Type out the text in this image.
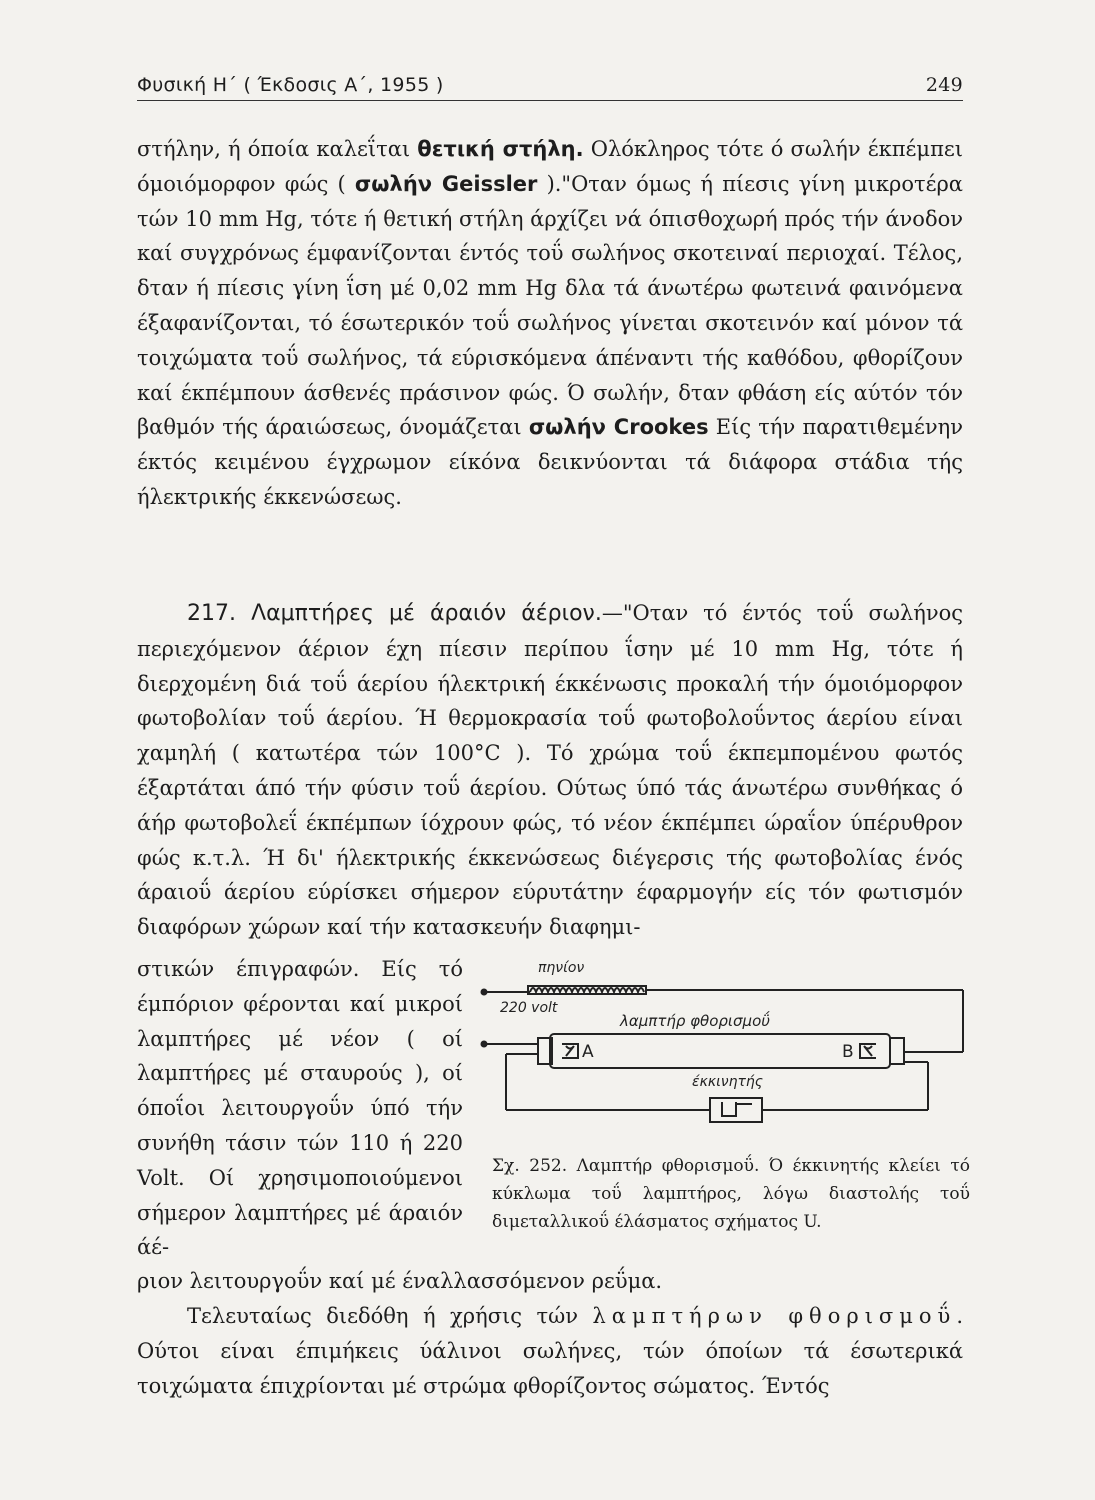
Φυσική Η΄ ( Έκδοσις Α΄, 1955 )	249

στήλην, ή όποία καλεΐται θετική στήλη. Ολόκληρος τότε ό σωλήν έκπέμπει όμοιόμορφον φώς ( σωλήν Geissler )."Οταν όμως ή πίεσις γίνη μικροτέρα τών 10 mm Hg, τότε ή θετική στήλη άρχίζει νά όπισθοχωρή πρός τήν άνοδον καί συγχρόνως έμφανίζονται έντός τοΰ σωλήνος σκοτειναί περιοχαί. Τέλος, δταν ή πίεσις γίνη ΐση μέ 0,02 mm Hg δλα τά άνωτέρω φωτεινά φαινόμενα έξαφανίζονται, τό έσωτερικόν τοΰ σωλήνος γίνεται σκοτεινόν καί μόνον τά τοιχώματα τοΰ σωλήνος, τά εύρισκόμενα άπέναντι τής καθόδου, φθορίζουν καί έκπέμπουν άσθενές πράσινον φώς. Ό σωλήν, δταν φθάση είς αύτόν τόν βαθμόν τής άραιώσεως, όνομάζεται σωλήν Crookes Είς τήν παρατιθεμένην έκτός κειμένου έγχρωμον είκόνα δεικνύονται τά διάφορα στάδια τής ήλεκτρικής έκκενώσεως.

217. Λαμπτήρες μέ άραιόν άέριον.—"Οταν τό έντός τοΰ σωλήνος περιεχόμενον άέριον έχη πίεσιν περίπου ΐσην μέ 10 mm Hg, τότε ή διερχομένη διά τοΰ άερίου ήλεκτρική έκκένωσις προκαλή τήν όμοιόμορφον φωτοβολίαν τοΰ άερίου. Ή θερμοκρασία τοΰ φωτοβολοΰντος άερίου είναι χαμηλή ( κατωτέρα τών 100°C ). Τό χρώμα τοΰ έκπεμπομένου φωτός έξαρτάται άπό τήν φύσιν τοΰ άερίου. Ούτως ύπό τάς άνωτέρω συνθήκας ό άήρ φωτοβολεΐ έκπέμπων ίόχρουν φώς, τό νέον έκπέμπει ώραΐον ύπέρυθρον φώς κ.τ.λ. Ή δι' ήλεκτρικής έκκενώσεως διέγερσις τής φωτοβολίας ένός άραιοΰ άερίου εύρίσκει σήμερον εύρυτάτην έφαρμογήν είς τόν φωτισμόν διαφόρων χώρων καί τήν κατασκευήν διαφημι-

στικών έπιγραφών. Είς τό έμπόριον φέρονται καί μικροί λαμπτήρες μέ νέον ( οί λαμπτήρες μέ σταυρούς ), οί όποΐοι λειτουργοΰν ύπό τήν συνήθη τάσιν τών 110 ή 220 Volt. Οί χρησιμοποιούμενοι σήμερον λαμπτήρες μέ άραιόν άέ-

πηνίον
220 volt
λαμπτήρ φθορισμοΰ
A	B
έκκινητής

Σχ. 252. Λαμπτήρ φθορισμοΰ. Ό έκκινητής κλείει τό κύκλωμα τοΰ λαμπτήρος, λόγω διαστολής τοΰ διμεταλλικοΰ έλάσματος σχήματος U.

ριον λειτουργοΰν καί μέ έναλλασσόμενον ρεΰμα.

Τελευταίως διεδόθη ή χρήσις τών λαμπτήρων φθορισμοΰ. Ούτοι είναι έπιμήκεις ύάλινοι σωλήνες, τών όποίων τά έσωτερικά τοιχώματα έπιχρίονται μέ στρώμα φθορίζοντος σώματος. Έντός
